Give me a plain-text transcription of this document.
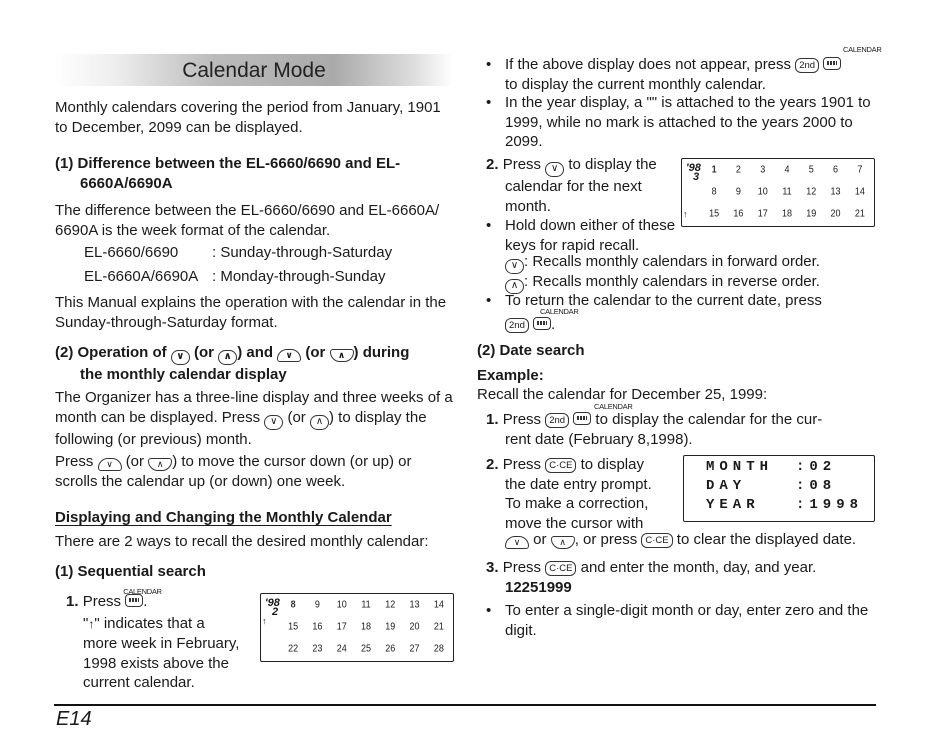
Calendar Mode

Monthly calendars covering the period from January, 1901 to December, 2099 can be displayed.

(1) Difference between the EL-6660/6690 and EL-6660A/6690A

The difference between the EL-6660/6690 and EL-6660A/ 6690A is the week format of the calendar.

EL-6660/6690	: Sunday-through-Saturday
EL-6660A/6690A : Monday-through-Sunday

This Manual explains the operation with the calendar in the Sunday-through-Saturday format.

(2) Operation of ∨ (or ∧ ) and ∨ (or ∧ ) during
the monthly calendar display
The Organizer has a three-line display and three weeks of a month can be displayed. Press ∨ (or ∧ ) to display the following (or previous) month.
Press ∨ (or ∧ ) to move the cursor down (or up) or scrolls the calendar up (or down) one week.

Displaying and Changing the Monthly Calendar

There are 2 ways to recall the desired monthly calendar:

(1) Sequential search

1. Press
CALENDAR
.
"↑" indicates that a
more week in February,
1998 exists above the
current calendar.
'98
2
↑
8	9	10	11	12	13	14
15	16	17	18	19	20	21
22	23	24	25	26	27	28
CALENDAR
• If the above display does not appear, press 2nd
to display the current monthly calendar.
• In the year display, a "" is attached to the years 1901 to 1999, while no mark is attached to the years 2000 to 2099.
2. Press ∨ to display the
calendar for the next
month.
• Hold down either of these
keys for rapid recall.
'98
3
↑
1	2	3	4	5	6	7
8	9	10	11	12	13	14
15	16	17	18	19	20	21
∨ : Recalls monthly calendars in forward order.
∧ : Recalls monthly calendars in reverse order.
• To return the calendar to the current date, press
CALENDAR
2nd .

(2) Date search

Example:

Recall the calendar for December 25, 1999:

CALENDAR
1. Press 2nd to display the calendar for the cur-
rent date (February 8,1998).
2. Press C·CE to display
the date entry prompt.
To make a correction,
move the cursor with
MONTH	:02
DAY	:08
YEAR	:1998
∨ or ∧ , or press C·CE to clear the displayed date.
3. Press C·CE and enter the month, day, and year.
12251999
• To enter a single-digit month or day, enter zero and the digit.
E14
